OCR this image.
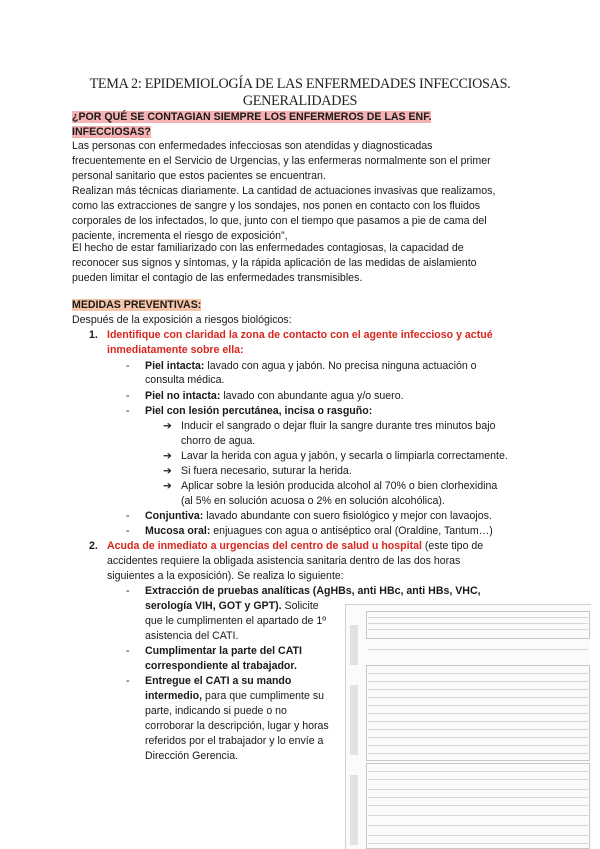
TEMA 2: EPIDEMIOLOGÍA DE LAS ENFERMEDADES INFECCIOSAS.
GENERALIDADES
¿POR QUÉ SE CONTAGIAN SIEMPRE LOS ENFERMEROS DE LAS ENF.
INFECCIOSAS?
Las personas con enfermedades infecciosas son atendidas y diagnosticadas
frecuentemente en el Servicio de Urgencias, y las enfermeras normalmente son el primer
personal sanitario que estos pacientes se encuentran.
Realizan más técnicas diariamente. La cantidad de actuaciones invasivas que realizamos,
como las extracciones de sangre y los sondajes, nos ponen en contacto con los fluidos
corporales de los infectados, lo que, junto con el tiempo que pasamos a pie de cama del
paciente, incrementa el riesgo de exposición”,
El hecho de estar familiarizado con las enfermedades contagiosas, la capacidad de
reconocer sus signos y síntomas, y la rápida aplicación de las medidas de aislamiento
pueden limitar el contagio de las enfermedades transmisibles.
MEDIDAS PREVENTIVAS:
Después de la exposición a riesgos biológicos:
1. Identifique con claridad la zona de contacto con el agente infeccioso y actué
inmediatamente sobre ella:
- Piel intacta: lavado con agua y jabón. No precisa ninguna actuación o
consulta médica.
- Piel no intacta: lavado con abundante agua y/o suero.
- Piel con lesión percutánea, incisa o rasguño:
➔ Inducir el sangrado o dejar fluir la sangre durante tres minutos bajo
chorro de agua.
➔ Lavar la herida con agua y jabón, y secarla o limpiarla correctamente.
➔ Si fuera necesario, suturar la herida.
➔ Aplicar sobre la lesión producida alcohol al 70% o bien clorhexidina
(al 5% en solución acuosa o 2% en solución alcohólica).
- Conjuntiva: lavado abundante con suero fisiológico y mejor con lavaojos.
- Mucosa oral: enjuagues con agua o antiséptico oral (Oraldine, Tantum…)
2. Acuda de inmediato a urgencias del centro de salud u hospital (este tipo de
accidentes requiere la obligada asistencia sanitaria dentro de las dos horas
siguientes a la exposición). Se realiza lo siguiente:
- Extracción de pruebas analíticas (AgHBs, anti HBc, anti HBs, VHC,
serología VIH, GOT y GPT). Solicite
que le cumplimenten el apartado de 1º
asistencia del CATI.
- Cumplimentar la parte del CATI
correspondiente al trabajador.
- Entregue el CATI a su mando
intermedio, para que cumplimente su
parte, indicando si puede o no
corroborar la descripción, lugar y horas
referidos por el trabajador y lo envíe a
Dirección Gerencia.
